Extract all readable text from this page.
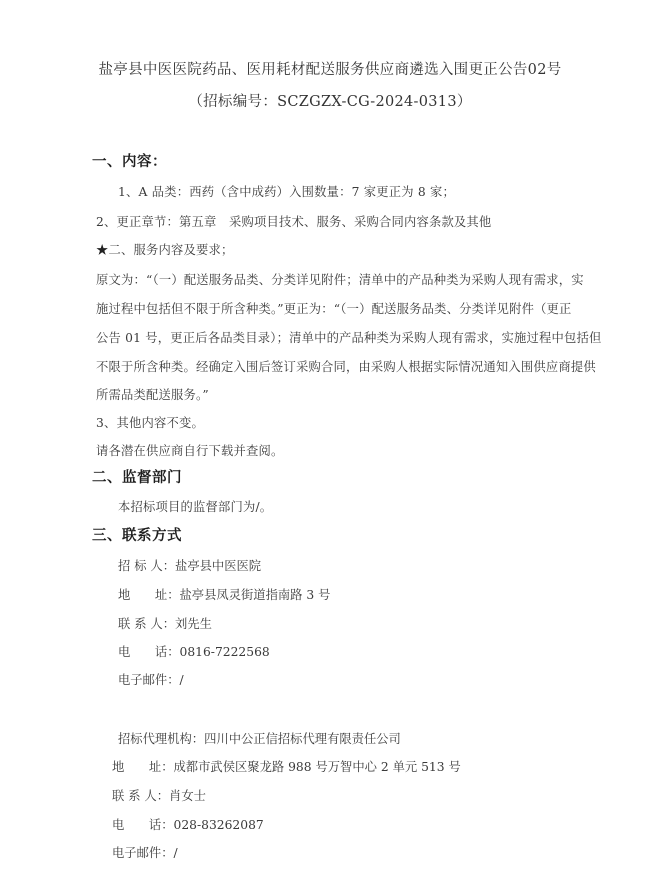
盐亭县中医医院药品、医用耗材配送服务供应商遴选入围更正公告02号
（招标编号：SCZGZX-CG-2024-0313）
一、内容：
1、A 品类：西药（含中成药）入围数量：7 家更正为 8 家；
2、更正章节：第五章　采购项目技术、服务、采购合同内容条款及其他
★二、服务内容及要求；
原文为：“（一）配送服务品类、分类详见附件；清单中的产品种类为采购人现有需求，实
施过程中包括但不限于所含种类。”更正为：“（一）配送服务品类、分类详见附件（更正
公告 01 号，更正后各品类目录）；清单中的产品种类为采购人现有需求，实施过程中包括但
不限于所含种类。经确定入围后签订采购合同，由采购人根据实际情况通知入围供应商提供
所需品类配送服务。”
3、其他内容不变。
请各潜在供应商自行下载并查阅。
二、监督部门
本招标项目的监督部门为/。
三、联系方式
招 标 人：盐亭县中医医院
地　　址：盐亭县凤灵街道指南路 3 号
联 系 人：刘先生
电　　话：0816-7222568
电子邮件：/
招标代理机构：四川中公正信招标代理有限责任公司
地　　址：成都市武侯区聚龙路 988 号万智中心 2 单元 513 号
联 系 人：肖女士
电　　话：028-83262087
电子邮件：/
